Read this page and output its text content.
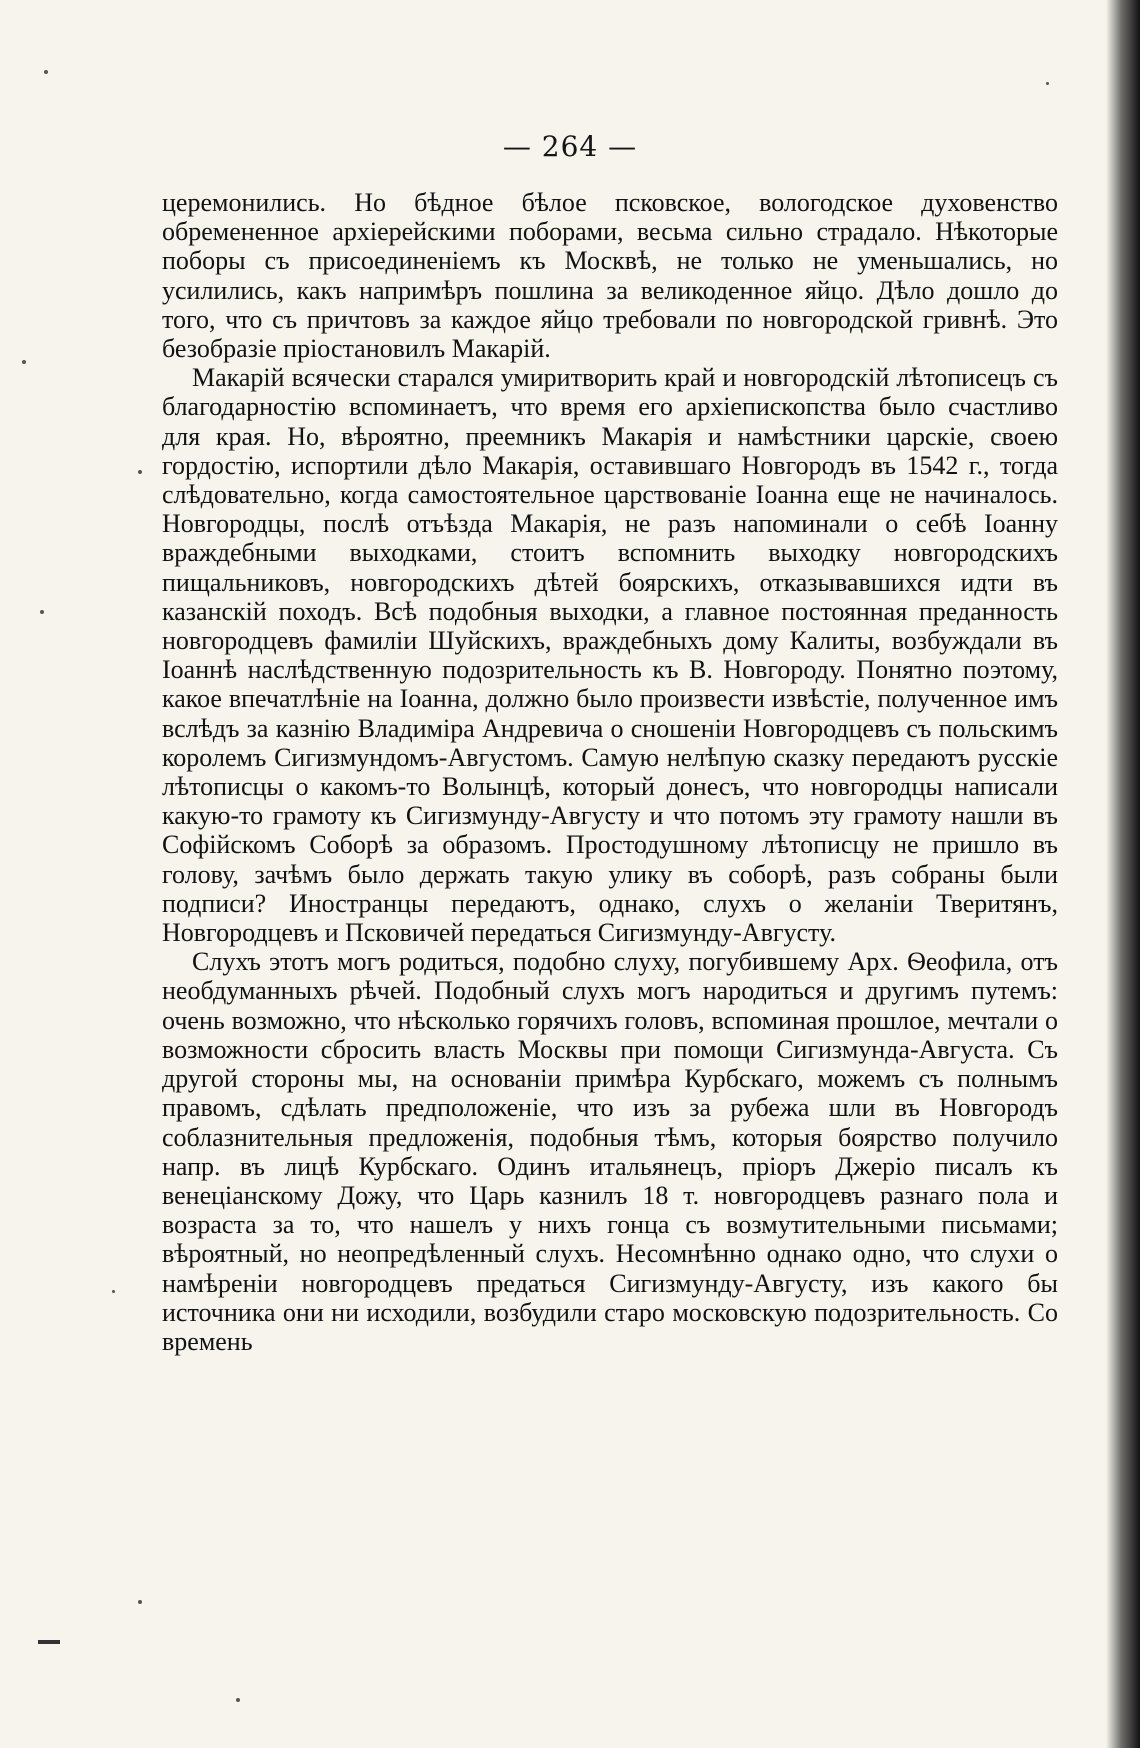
— 264 —

церемонились. Но бѣдное бѣлое псковское, вологодское духовенство обремененное архіерейскими поборами, весьма сильно страдало. Нѣкоторые поборы съ присоединеніемъ къ Москвѣ, не только не уменьшались, но усилились, какъ напримѣръ пошлина за великоденное яйцо. Дѣло дошло до того, что съ причтовъ за каждое яйцо требовали по новгородской гривнѣ. Это безобразіе пріостановилъ Макарій.

Макарій всячески старался умиритворить край и новгородскій лѣтописецъ съ благодарностію вспоминаетъ, что время его архіепископства было счастливо для края. Но, вѣроятно, преемникъ Макарія и намѣстники царскіе, своею гордостію, испортили дѣло Макарія, оставившаго Новгородъ въ 1542 г., тогда слѣдовательно, когда самостоятельное царствованіе Іоанна еще не начиналось. Новгородцы, послѣ отъѣзда Макарія, не разъ напоминали о себѣ Іоанну враждебными выходками, стоитъ вспомнить выходку новгородскихъ пищальниковъ, новгородскихъ дѣтей боярскихъ, отказывавшихся идти въ казанскій походъ. Всѣ подобныя выходки, а главное постоянная преданность новгородцевъ фамиліи Шуйскихъ, враждебныхъ дому Калиты, возбуждали въ Іоаннѣ наслѣдственную подозрительность къ В. Новгороду. Понятно поэтому, какое впечатлѣніе на Іоанна, должно было произвести извѣстіе, полученное имъ вслѣдъ за казнію Владиміра Андревича о сношеніи Новгородцевъ съ польскимъ королемъ Сигизмундомъ-Августомъ. Самую нелѣпую сказку передаютъ русскіе лѣтописцы о какомъ-то Волынцѣ, который донесъ, что новгородцы написали какую-то грамоту къ Сигизмунду-Августу и что потомъ эту грамоту нашли въ Софійскомъ Соборѣ за образомъ. Простодушному лѣтописцу не пришло въ голову, зачѣмъ было держать такую улику въ соборѣ, разъ собраны были подписи? Иностранцы передаютъ, однако, слухъ о желаніи Тверитянъ, Новгородцевъ и Псковичей передаться Сигизмунду-Августу.

Слухъ этотъ могъ родиться, подобно слуху, погубившему Арх. Ѳеофила, отъ необдуманныхъ рѣчей. Подобный слухъ могъ народиться и другимъ путемъ: очень возможно, что нѣсколько горячихъ головъ, вспоминая прошлое, мечтали о возможности сбросить власть Москвы при помощи Сигизмунда-Августа. Съ другой стороны мы, на основаніи примѣра Курбскаго, можемъ съ полнымъ правомъ, сдѣлать предположеніе, что изъ за рубежа шли въ Новгородъ соблазнительныя предложенія, подобныя тѣмъ, которыя боярство получило напр. въ лицѣ Курбскаго. Одинъ итальянецъ, пріоръ Джеріо писалъ къ венеціанскому Дожу, что Царь казнилъ 18 т. новгородцевъ разнаго пола и возраста за то, что нашелъ у нихъ гонца съ возмутительными письмами; вѣроятный, но неопредѣленный слухъ. Несомнѣнно однако одно, что слухи о намѣреніи новгородцевъ предаться Сигизмунду-Августу, изъ какого бы источника они ни исходили, возбудили старо московскую подозрительность. Со времень
